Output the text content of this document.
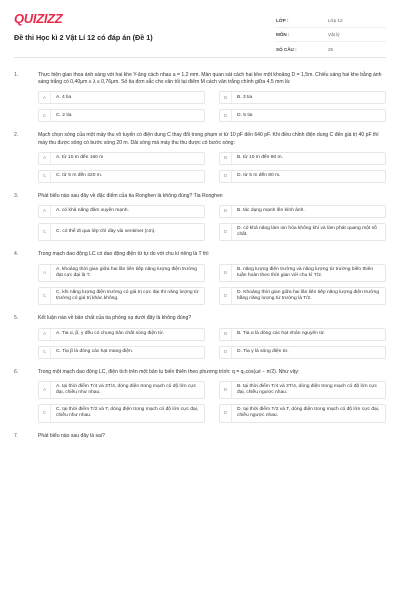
QUIZIZZ
Đề thi Học kì 2 Vật Lí 12 có đáp án (Đề 1)
LỚP :	Lớp 12
MÔN :	Vật lý
SỐ CÂU :	25
1.	Thực hiện giao thoa ánh sáng với hai khe Y-âng cách nhau a = 1,2 mm. Màn quan sát cách hai khe một khoảng D = 1,5m. Chiếu sáng hai khe bằng ánh sáng trắng có 0,40μm ≤ λ ≤ 0,76μm. Số tia đơn sắc cho vân tối tại điểm M cách vân trắng chính giữa 4,5 mm là:
A	A. 4 tia	B	B. 3 tia
C	C. 2 tia	D	D. 5 tia
2.	Mạch chọn sóng của một máy thu vô tuyến có điện dung C thay đổi trong phạm vi từ 10 pF đến 640 pF. Khi điều chỉnh điện dung C đến giá trị 40 pF thì máy thu được sóng có bước sóng 20 m. Dải sóng mà máy thu thu được có bước sóng:
A	A. từ 10 m đến 160 m	B	B. từ 10 m đến 80 m.
C	C. từ 5 m đến 320 m.	D	D. từ 5 m đến 80 m.
3.	Phát biểu nào sau đây về đặc điểm của tia Ronghen là không đúng? Tia Ronghen
A	A. có khả năng đâm xuyên mạnh.	B	B. tác dụng mạnh lên kính ảnh.
C	C. có thể đi qua lớp chì dày vài xentimet (cm).	D
D. có khả năng làm ion hóa không khí và làm phát quang một số chất.
4.	Trong mạch dao động LC có dao động điện từ tự do với chu kì riêng là T thì
A
A. khoảng thời gian giữa hai lần liên tiếp năng lượng điện trường đạt cực đại là T.
B
B. năng lượng điện trường và năng lượng từ trường biến thiên tuần hoàn theo thời gian với chu kì T/2.
C
C. khi năng lượng điện trường có giá trị cực đại thì năng lượng từ trường có giá trị khác không.
D
D. Khoảng thời gian giữa hai lần liên tiếp năng lượng điện trường bằng năng lượng từ trường là T/2.
5.	Kết luận nào về bản chất của tia phóng xạ dưới đây là không đúng?
A	A. Tia α, β, γ đều có chung bản chất sóng điện từ.	B	B. Tia α là dòng các hạt nhân nguyên tử.
C	C. Tia β là dòng các hạt mang điện.	D	D. Tia γ là sóng điện từ.
6.	Trong một mạch dao động LC, điện tích trên một bản tụ biến thiên theo phương trình: q = q₀cos(ωt − π/2). Như vậy:
A
A. tại thời điểm T/4 và 3T/4, dòng điện trong mạch có độ lớn cực đại, chiều như nhau.
B
B. tại thời điểm T/4 và 3T/4, dòng điện trong mạch có độ lớn cực đại, chiều ngược nhau.
C
C. tại thời điểm T/2 và T, dòng điện trong mạch có độ lớn cực đại, chiều như nhau.
D
D. tại thời điểm T/2 và T, dòng điện trong mạch có độ lớn cực đại, chiều ngược nhau.
7.	Phát biểu nào sau đây là sai?
